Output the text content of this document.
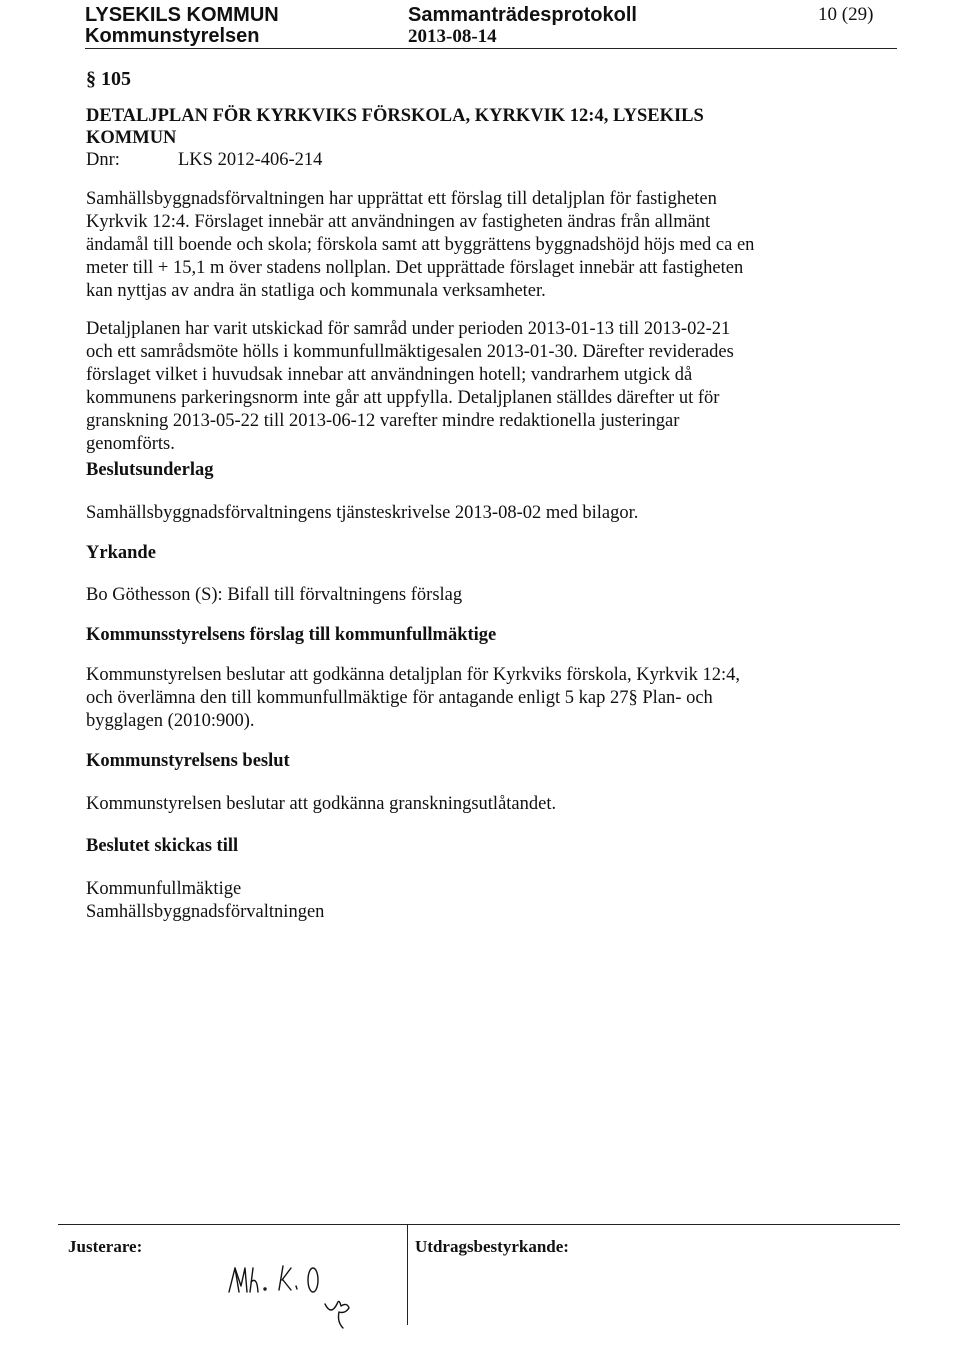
LYSEKILS KOMMUN
Kommunstyrelsen
Sammanträdesprotokoll
2013-08-14
10 (29)
§ 105
DETALJPLAN FÖR KYRKVIKS FÖRSKOLA, KYRKVIK 12:4, LYSEKILS
KOMMUN
Dnr:	LKS 2012-406-214
Samhällsbyggnadsförvaltningen har upprättat ett förslag till detaljplan för fastigheten
Kyrkvik 12:4. Förslaget innebär att användningen av fastigheten ändras från allmänt
ändamål till boende och skola; förskola samt att byggrättens byggnadshöjd höjs med ca en
meter till + 15,1 m över stadens nollplan. Det upprättade förslaget innebär att fastigheten
kan nyttjas av andra än statliga och kommunala verksamheter.
Detaljplanen har varit utskickad för samråd under perioden 2013-01-13 till 2013-02-21
och ett samrådsmöte hölls i kommunfullmäktigesalen 2013-01-30. Därefter reviderades
förslaget vilket i huvudsak innebar att användningen hotell; vandrarhem utgick då
kommunens parkeringsnorm inte går att uppfylla. Detaljplanen ställdes därefter ut för
granskning 2013-05-22 till 2013-06-12 varefter mindre redaktionella justeringar
genomförts.
Beslutsunderlag
Samhällsbyggnadsförvaltningens tjänsteskrivelse 2013-08-02 med bilagor.
Yrkande
Bo Göthesson (S): Bifall till förvaltningens förslag
Kommunsstyrelsens förslag till kommunfullmäktige
Kommunstyrelsen beslutar att godkänna detaljplan för Kyrkviks förskola, Kyrkvik 12:4,
och överlämna den till kommunfullmäktige för antagande enligt 5 kap 27§ Plan- och
bygglagen (2010:900).
Kommunstyrelsens beslut
Kommunstyrelsen beslutar att godkänna granskningsutlåtandet.
Beslutet skickas till
Kommunfullmäktige
Samhällsbyggnadsförvaltningen
Justerare:	Utdragsbestyrkande:
